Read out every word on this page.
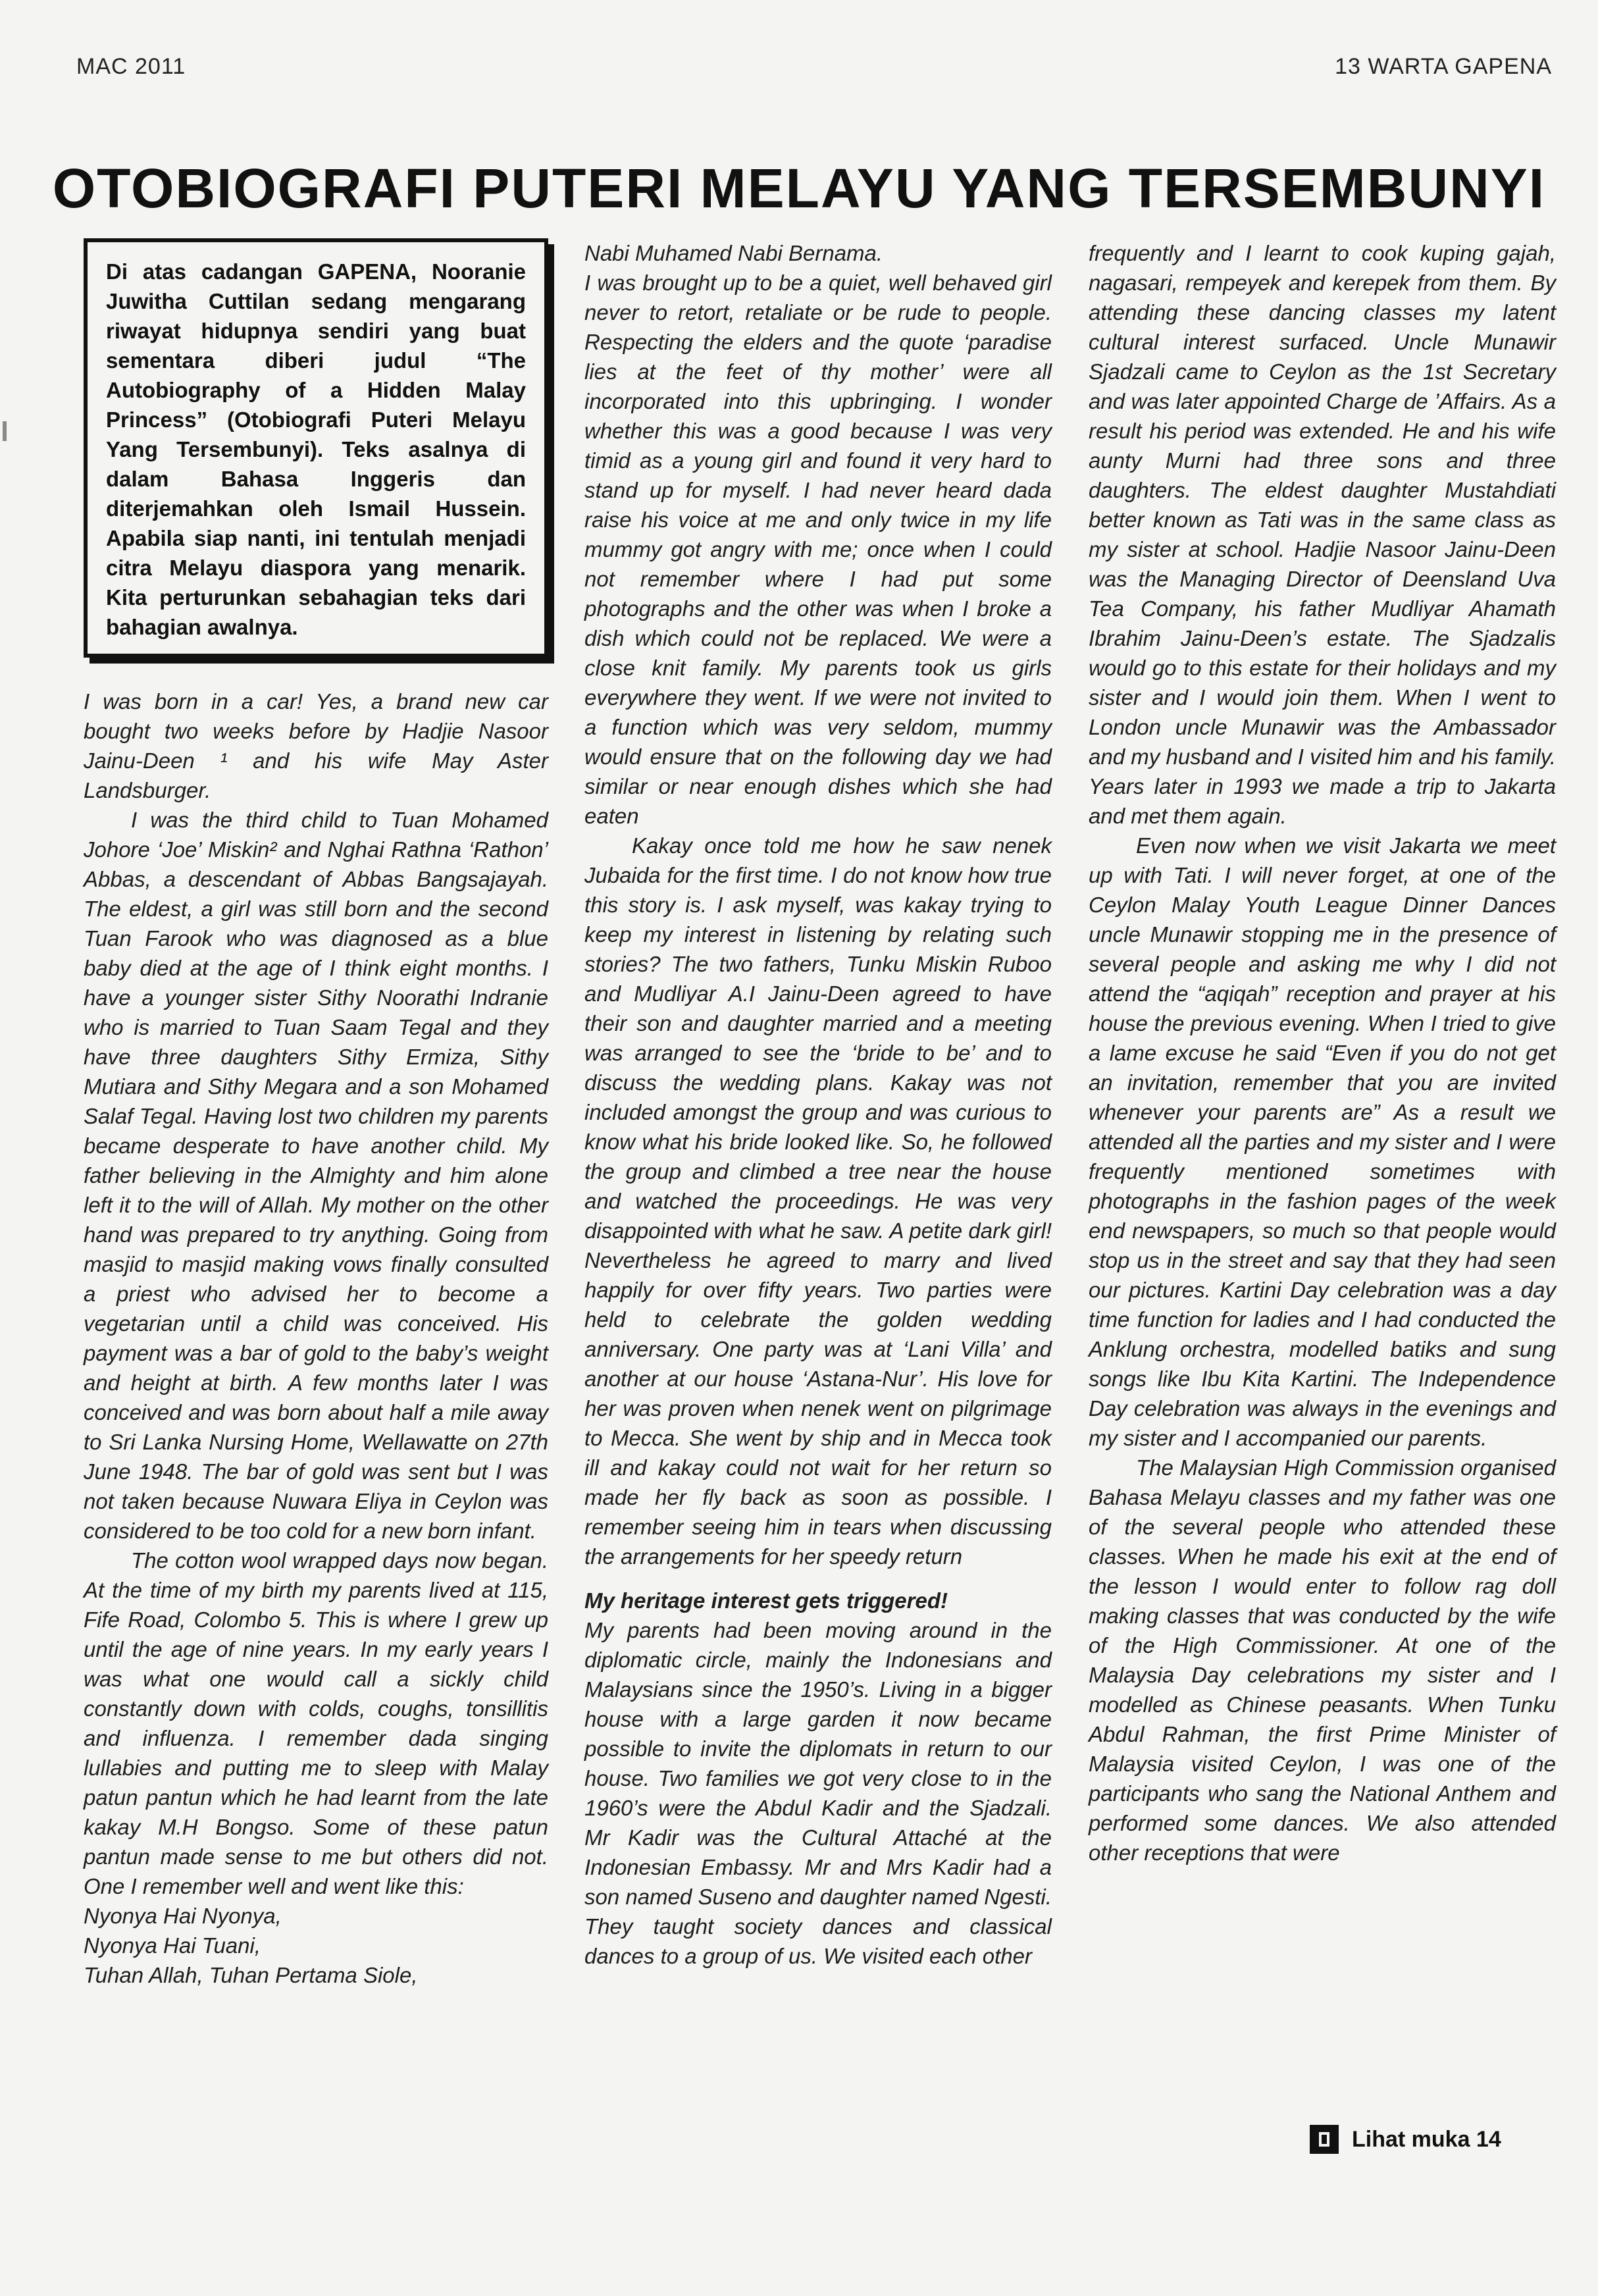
MAC 2011	13 WARTA GAPENA
OTOBIOGRAFI PUTERI MELAYU YANG TERSEMBUNYI
Di atas cadangan GAPENA, Nooranie Juwitha Cuttilan sedang mengarang riwayat hidupnya sendiri yang buat sementara diberi judul “The Autobiography of a Hidden Malay Princess” (Otobiografi Puteri Melayu Yang Tersembunyi). Teks asalnya di dalam Bahasa Inggeris dan diterjemahkan oleh Ismail Hussein. Apabila siap nanti, ini tentulah menjadi citra Melayu diaspora yang menarik. Kita perturunkan sebahagian teks dari bahagian awalnya.

I was born in a car! Yes, a brand new car bought two weeks before by Hadjie Nasoor Jainu-Deen ¹ and his wife May Aster Landsburger.

I was the third child to Tuan Mohamed Johore ‘Joe’ Miskin² and Nghai Rathna ‘Rathon’ Abbas, a descendant of Abbas Bangsajayah. The eldest, a girl was still born and the second Tuan Farook who was diagnosed as a blue baby died at the age of I think eight months. I have a younger sister Sithy Noorathi Indranie who is married to Tuan Saam Tegal and they have three daughters Sithy Ermiza, Sithy Mutiara and Sithy Megara and a son Mohamed Salaf Tegal. Having lost two children my parents became desperate to have another child. My father believing in the Almighty and him alone left it to the will of Allah. My mother on the other hand was prepared to try anything. Going from masjid to masjid making vows finally consulted a priest who advised her to become a vegetarian until a child was conceived. His payment was a bar of gold to the baby’s weight and height at birth. A few months later I was conceived and was born about half a mile away to Sri Lanka Nursing Home, Wellawatte on 27th June 1948. The bar of gold was sent but I was not taken because Nuwara Eliya in Ceylon was considered to be too cold for a new born infant.

The cotton wool wrapped days now began. At the time of my birth my parents lived at 115, Fife Road, Colombo 5. This is where I grew up until the age of nine years. In my early years I was what one would call a sickly child constantly down with colds, coughs, tonsillitis and influenza. I remember dada singing lullabies and putting me to sleep with Malay patun pantun which he had learnt from the late kakay M.H Bongso. Some of these patun pantun made sense to me but others did not. One I remember well and went like this:

Nyonya Hai Nyonya,

Nyonya Hai Tuani,

Tuhan Allah, Tuhan Pertama Siole,

Nabi Muhamed Nabi Bernama.

I was brought up to be a quiet, well behaved girl never to retort, retaliate or be rude to people. Respecting the elders and the quote ‘paradise lies at the feet of thy mother’ were all incorporated into this upbringing. I wonder whether this was a good because I was very timid as a young girl and found it very hard to stand up for myself. I had never heard dada raise his voice at me and only twice in my life mummy got angry with me; once when I could not remember where I had put some photographs and the other was when I broke a dish which could not be replaced. We were a close knit family. My parents took us girls everywhere they went. If we were not invited to a function which was very seldom, mummy would ensure that on the following day we had similar or near enough dishes which she had eaten

Kakay once told me how he saw nenek Jubaida for the first time. I do not know how true this story is. I ask myself, was kakay trying to keep my interest in listening by relating such stories? The two fathers, Tunku Miskin Ruboo and Mudliyar A.I Jainu-Deen agreed to have their son and daughter married and a meeting was arranged to see the ‘bride to be’ and to discuss the wedding plans. Kakay was not included amongst the group and was curious to know what his bride looked like. So, he followed the group and climbed a tree near the house and watched the proceedings. He was very disappointed with what he saw. A petite dark girl! Nevertheless he agreed to marry and lived happily for over fifty years. Two parties were held to celebrate the golden wedding anniversary. One party was at ‘Lani Villa’ and another at our house ‘Astana-Nur’. His love for her was proven when nenek went on pilgrimage to Mecca. She went by ship and in Mecca took ill and kakay could not wait for her return so made her fly back as soon as possible. I remember seeing him in tears when discussing the arrangements for her speedy return

My heritage interest gets triggered!

My parents had been moving around in the diplomatic circle, mainly the Indonesians and Malaysians since the 1950’s. Living in a bigger house with a large garden it now became possible to invite the diplomats in return to our house. Two families we got very close to in the 1960’s were the Abdul Kadir and the Sjadzali. Mr Kadir was the Cultural Attaché at the Indonesian Embassy. Mr and Mrs Kadir had a son named Suseno and daughter named Ngesti. They taught society dances and classical dances to a group of us. We visited each other

frequently and I learnt to cook kuping gajah, nagasari, rempeyek and kerepek from them. By attending these dancing classes my latent cultural interest surfaced. Uncle Munawir Sjadzali came to Ceylon as the 1st Secretary and was later appointed Charge de ’Affairs. As a result his period was extended. He and his wife aunty Murni had three sons and three daughters. The eldest daughter Mustahdiati better known as Tati was in the same class as my sister at school. Hadjie Nasoor Jainu-Deen was the Managing Director of Deensland Uva Tea Company, his father Mudliyar Ahamath Ibrahim Jainu-Deen’s estate. The Sjadzalis would go to this estate for their holidays and my sister and I would join them. When I went to London uncle Munawir was the Ambassador and my husband and I visited him and his family. Years later in 1993 we made a trip to Jakarta and met them again.

Even now when we visit Jakarta we meet up with Tati. I will never forget, at one of the Ceylon Malay Youth League Dinner Dances uncle Munawir stopping me in the presence of several people and asking me why I did not attend the “aqiqah” reception and prayer at his house the previous evening. When I tried to give a lame excuse he said “Even if you do not get an invitation, remember that you are invited whenever your parents are” As a result we attended all the parties and my sister and I were frequently mentioned sometimes with photographs in the fashion pages of the week end newspapers, so much so that people would stop us in the street and say that they had seen our pictures. Kartini Day celebration was a day time function for ladies and I had conducted the Anklung orchestra, modelled batiks and sung songs like Ibu Kita Kartini. The Independence Day celebration was always in the evenings and my sister and I accompanied our parents.

The Malaysian High Commission organised Bahasa Melayu classes and my father was one of the several people who attended these classes. When he made his exit at the end of the lesson I would enter to follow rag doll making classes that was conducted by the wife of the High Commissioner. At one of the Malaysia Day celebrations my sister and I modelled as Chinese peasants. When Tunku Abdul Rahman, the first Prime Minister of Malaysia visited Ceylon, I was one of the participants who sang the National Anthem and performed some dances. We also attended other receptions that were

Lihat muka 14
